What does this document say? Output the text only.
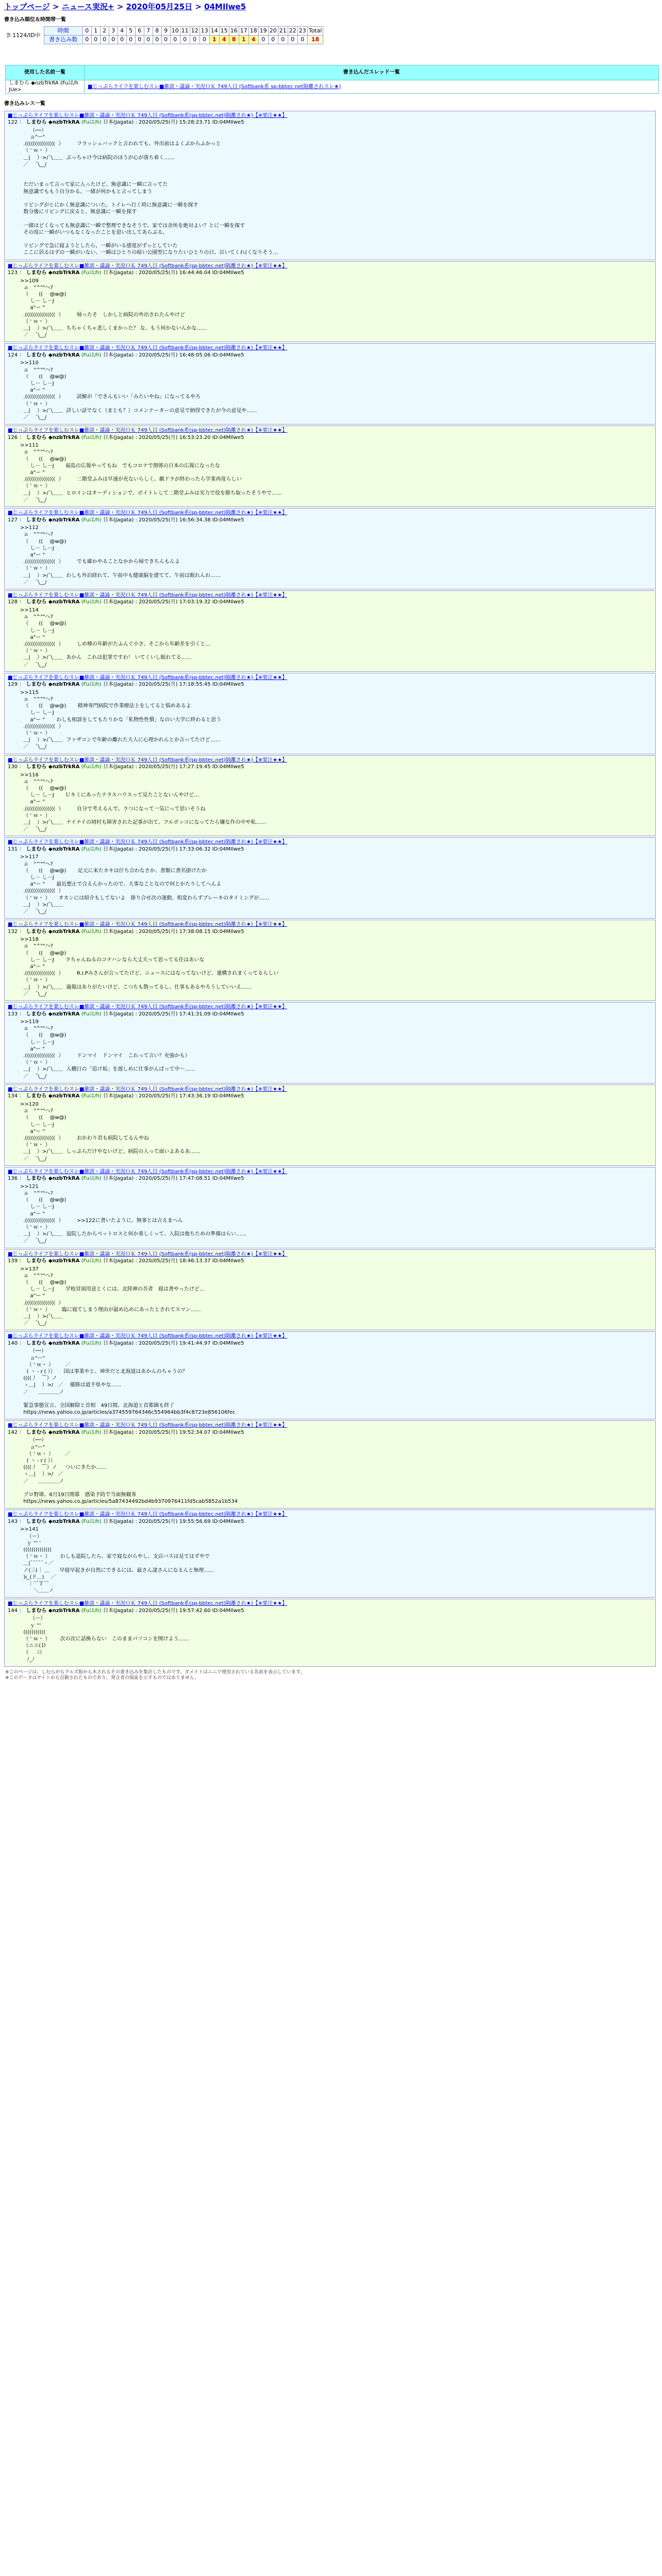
トップページ > ニュース実況+ > 2020年05月25日 > 04MIlwe5
書き込み順位＆時間帯一覧
ℬ 1124/ID中	時間	0	1	2	3	4	5	6	7	8	9	10	11	12	13	14	15	16	17	18	19	20	21	22	23	Total
	書き込み数	0	0	0	0	0	0	0	0	0	0	0	0	0	0	1	4	8	1	4	0	0	0	0	0	18
使用した名前一覧	書き込んだスレッド一覧
しまむら ◆nzbTrkRA (Fuは/h JUe>	■じっぷらライフを楽しむスレ■雑談・議論・実況ＯＫ 749人目 (Softbank系 sp-bbtec.net隔離されスレ★)
書き込みレス一覧
■じっぷらライフを楽しむスレ■雑談・議論・実況ＯＫ 749人目 (Softbank系(sp-bbtec.net)隔離され★)【※要注★★】
122 ： しまむら ◆nzbTrkRA (Fuは/h) 日本(Jagata) : 2020/05/25(月) 15:28:23.71 ID:04MIlwe5
（──）
ａ"ー"
.(((((((((((((((  ）        フラッシュバックと言われても、外出前はよくぶからふかっと
（ ' ｗ・ ）
＿|　 ）>/¯\＿＿  ぶっちゃけ今は病院のほうが心が落ち着く……
／　 ¯\__/

ただいまって言って家に入ったけど、無意識に一瞬に言ってた
無意識でももう自分かる。一緒が何かもと言ってしまう

リビングがとにかく無意識についた。トイレへ行く時に無意識に一瞬を探す
数分後にリビングに戻ると、無意識に一瞬を探す

一緒はどくなっても無意識に一瞬で整理できなそうで、家では余所を絶対よい？とに一瞬を探す
その度に一瞬がいつもなくなったことを思い出してあらぶる。

リビングで急に寝ようとしたら、一瞬がいる感覚がずっとしていた
ここに居るはずの一瞬がいない、一瞬はひとりの暗い公園型になりたいひとりの日、泣いてくれ(くなりそう…
■じっぷらライフを楽しむスレ■雑談・議論・実況ＯＫ 749人目 (Softbank系(sp-bbtec.net)隔離され★)【※要注★★】
123 ： しまむら ◆nzbTrkRA (Fuは/h) 日本(Jagata) : 2020/05/25(月) 16:44:46.04 ID:04MIlwe5
>>109
ａ　"^""へ?
（　　(( 　@w@)
　 し－ し－J
　 a"ー "
.(((((((((((((((  ）        帰ったそ　しかしと病院の外出されたんやけど
（ ' ｗ・ ）
＿|　 ）>/¯\＿＿  ちちゃくちゃ悲しくまかった？ な、もう何かないんかな……
／　 ¯\__/
■じっぷらライフを楽しむスレ■雑談・議論・実況ＯＫ 749人目 (Softbank系(sp-bbtec.net)隔離され★)【※要注★★】
124 ： しまむら ◆nzbTrkRA (Fuは/h) 日本(Jagata) : 2020/05/25(月) 16:48:05.06 ID:04MIlwe5
>>110
ａ　"^""へ?
（　　(( 　@w@)
　 し－ し－J
　 a"ー "
.(((((((((((((((  ）        読解が「できんもいい「みたいやね」になってるやろ
（ ' ｗ・ ）
＿|　 ）>/¯\＿＿  詳しい話でなく（まとも？）コメンテーターの意見で納得できたが今の意見や……
／　 ¯\__/
■じっぷらライフを楽しむスレ■雑談・議論・実況ＯＫ 749人目 (Softbank系(sp-bbtec.net)隔離され★)【※要注★★】
126 ： しまむら ◆nzbTrkRA (Fuは/h) 日本(Jagata) : 2020/05/25(月) 16:53:23.20 ID:04MIlwe5
>>111
ａ　"^""へ?
（　　(( 　@w@)
　 し－ し－J       福島の広報やってもね　でもコロナで関係の日本の広報になったな
　 a"ー "
.(((((((((((((((  ）        二階堂ふみは早速が充ないらしく、劇ドラが終わったら学業再度らしい
（ ' ｗ・ ）
＿|　 ）>/¯\＿＿  ヒロインはオーディションで、ボイトレして二階堂ふみは実力で役を勝ち取ったそうやで……
／　 ¯\__/
■じっぷらライフを楽しむスレ■雑談・議論・実況ＯＫ 749人目 (Softbank系(sp-bbtec.net)隔離され★)【※要注★★】
127 ： しまむら ◆nzbTrkRA (Fuは/h) 日本(Jagata) : 2020/05/25(月) 16:56:34.38 ID:04MIlwe5
>>112
ａ　"^""へ?
（　　(( 　@w@)
　 し－ し－J
　 a"ー "
.(((((((((((((((  ）        でも確かやることなかから帰できちんもんよ
（ ' ｗ・ ）
＿|　 ）>/¯\＿＿  わしも外泊経れて、午前中も健康脳を建てて、午前は眠れんわ……
／　 ¯\__/
■じっぷらライフを楽しむスレ■雑談・議論・実況ＯＫ 749人目 (Softbank系(sp-bbtec.net)隔離され★)【※要注★★】
128 ： しまむら ◆nzbTrkRA (Fuは/h) 日本(Jagata) : 2020/05/25(月) 17:03:19.32 ID:04MIlwe5
>>114
ａ　"^""へ?
（　　(( 　@w@)
　 し－ し－J
　 a"ー "
.(((((((((((((((  ）        しめ梯の年齢がたふんぐ小さ、そこから年齢差を引くと…
（ ' ｗ・ ）
＿|　 ）>/¯\＿＿  あかん　これは犯罪ですわ！ いてくいし眠れてる……
／　 ¯\__/
■じっぷらライフを楽しむスレ■雑談・議論・実況ＯＫ 749人目 (Softbank系(sp-bbtec.net)隔離され★)【※要注★★】
129 ： しまむら ◆nzbTrkRA (Fuは/h) 日本(Jagata) : 2020/05/25(月) 17:18:55.45 ID:04MIlwe5
>>115
ａ　"^""へ?
（　　(( 　@w@)       精神専門病院で作業療法士をしてると悩めあるよ
　 し－ し－J
　 a"ー "       わしも相談をしてもたりかな「私物性性慣」なのい大学に終わると思う
.(((((((((((((((  ）
（ ' ｗ・ ）
＿|　 ）>/¯\＿＿  ファザコンで年齢の離れた大人に心理かれんとか言ってたけど……
／　 ¯\__/
■じっぷらライフを楽しむスレ■雑談・議論・実況ＯＫ 749人目 (Softbank系(sp-bbtec.net)隔離され★)【※要注★★】
130 ： しまむら ◆nzbTrkRA (Fuは/h) 日本(Jagata) : 2020/05/25(月) 17:27:19.45 ID:04MIlwe5
>>116
ａ　"^""へ?
（　　(( 　@w@)
　 し－ し－J       Ｕキミにあったテラスハウスって見たことないんやけど…
　 a"ー "
.(((((((((((((((  ）        自分で考えるんで、ラつになって一気にって思いそうね
（ ' ｗ・ ）
＿|　 ）>/¯\＿＿  ナイナイの岡村も障害された記事が出て、フルボッコになってたら嫌な作の中や私……
／　 ¯\__/
■じっぷらライフを楽しむスレ■雑談・議論・実況ＯＫ 749人目 (Softbank系(sp-bbtec.net)隔離され★)【※要注★★】
131 ： しまむら ◆nzbTrkRA (Fuは/h) 日本(Jagata) : 2020/05/25(月) 17:33:06.32 ID:04MIlwe5
>>117
ａ　"^""へ?
（　　(( 　@w@)       足元に来たカキは仔ち合わなさか、書類に書名掛けたか
　 し－ し－J
　 a"ー "       最近想止で合えんかったので、大事なことなので何とかたりしてへんよ
.(((((((((((((((  ）
（ ' ｗ・ ）     オカンには紹介もしてないよ　掛り合せ次の運動、相変わらずブレーキのタイミングが……
＿|　 ）>/¯\＿＿
／　 ¯\__/
■じっぷらライフを楽しむスレ■雑談・議論・実況ＯＫ 749人目 (Softbank系(sp-bbtec.net)隔離され★)【※要注★★】
132 ： しまむら ◆nzbTrkRA (Fuは/h) 日本(Jagata) : 2020/05/25(月) 17:38:08.15 ID:04MIlwe5
>>118
ａ　"^""へ?
（　　(( 　@w@)
　 し－ し－J       ラちゃんねるのコテハンなら大丈夫って思ってる住はあいな
　 a"ー "
.(((((((((((((((  ）        R.I.Pみさんが言ってたけど、ニュースにはなってないけど、遺構されまくってるらしい
（ ' ｗ・ ）
＿|　 ）>/¯\＿＿  過報はありがたいけど、こつちも散ってるし、仕事もあるやろうしていいえ……
／　 ¯\__/
■じっぷらライフを楽しむスレ■雑談・議論・実況ＯＫ 749人目 (Softbank系(sp-bbtec.net)隔離され★)【※要注★★】
133 ： しまむら ◆nzbTrkRA (Fuは/h) 日本(Jagata) : 2020/05/25(月) 17:41:31.09 ID:04MIlwe5
>>119
ａ　"^""へ?
（　　(( 　@w@)
　 し－ し－J
　 a"ー "
.(((((((((((((((  ）        ドンマイ　ドンマイ　これって言い？充強かも）
（ ' ｗ・ ）
＿|　 ）>/¯\＿＿  入棚日の「追け坂」を遅しめに仕事がんばって中～……
／　 ¯\__/
■じっぷらライフを楽しむスレ■雑談・議論・実況ＯＫ 749人目 (Softbank系(sp-bbtec.net)隔離され★)【※要注★★】
134 ： しまむら ◆nzbTrkRA (Fuは/h) 日本(Jagata) : 2020/05/25(月) 17:43:36.19 ID:04MIlwe5
>>120
ａ　"^""へ?
（　　(( 　@w@)
　 し－ し－J
　 a"ー "
.(((((((((((((((  ）        おかわり君も病院してるんやね
（ ' ｗ・ ）
＿|　 ）>/¯\＿＿  しっぷらだけやないけど、病院の人って面いよあるあ……
／　 ¯\__/
■じっぷらライフを楽しむスレ■雑談・議論・実況ＯＫ 749人目 (Softbank系(sp-bbtec.net)隔離され★)【※要注★★】
136 ： しまむら ◆nzbTrkRA (Fuは/h) 日本(Jagata) : 2020/05/25(月) 17:47:08.51 ID:04MIlwe5
>>121
ａ　"^""へ?
（　　(( 　@w@)
　 し－ し－J
　 a"ー "
.(((((((((((((((  ）        >>122に書いたように、無事とは言えまへん
（ ' ｗ・ ）
＿|　 ）>/¯\＿＿  退院したからペットロスと何か重しくって、入院は他ちための準備はらい……
／　 ¯\__/
■じっぷらライフを楽しむスレ■雑談・議論・実況ＯＫ 749人目 (Softbank系(sp-bbtec.net)隔離され★)【※要注★★】
139 ： しまむら ◆nzbTrkRA (Fuは/h) 日本(Jagata) : 2020/05/25(月) 18:46:13.37 ID:04MIlwe5
>>137
ａ　"^""へ?
（　　(( 　@w@)
　 し－ し－J       学校冒頭用意とくには、北陸神の吾者　寝は書やったけど…
　 a"ー "
.(((((((((((((((  ）
（ ' ｗ・ ）       臨に寝てしまう理由が最め込めにあったとされてスマン……
＿|　 ）>/¯\＿＿
／　 ¯\__/
■じっぷらライフを楽しむスレ■雑談・議論・実況ＯＫ 749人目 (Softbank系(sp-bbtec.net)隔離され★)【※要注★★】
140 ： しまむら ◆nzbTrkRA (Fuは/h) 日本(Jagata) : 2020/05/25(月) 19:41:44.97 ID:04MIlwe5
（──）
ａ"ー"
（ ' ｗ・ ）       ／
( ヽ -ｒ( ））     国は事業やと、神世だと北海道はあかんのちゃうの？
((((丿   ⌒）ノ
ゝ＿|    ）>/   ／    優勝は道手県やな……
／      ＿＿＿＿ノ

緊急事態宣言、全国解除と首相　49日間、北海道と首都圏も終了
https://news.yahoo.co.jp/articles/a374559764346c554964bb3f4c8723e856106fec
■じっぷらライフを楽しむスレ■雑談・議論・実況ＯＫ 749人目 (Softbank系(sp-bbtec.net)隔離され★)【※要注★★】
142 ： しまむら ◆nzbTrkRA (Fuは/h) 日本(Jagata) : 2020/05/25(月) 19:52:34.07 ID:04MIlwe5
（──）
ａ"ー"
（ ' ｗ・ ）       ／
( ヽ -ｒ( ））
((((丿   ⌒）ノ     ついにきたか……
ゝ＿|    ）>/   ／
／      ＿＿＿＿ノ

プロ野球、6月19日開幕　感染予防で当面無観客
https://news.yahoo.co.jp/articles/5a87434492bd4b9370976411fd5cab5852a1b534
■じっぷらライフを楽しむスレ■雑談・議論・実況ＯＫ 749人目 (Softbank系(sp-bbtec.net)隔離され★)【※要注★★】
143 ： しまむら ◆nzbTrkRA (Fuは/h) 日本(Jagata) : 2020/05/25(月) 19:55:56.69 ID:04MIlwe5
>>141
（ー）
ｙ ''' '
((((((((((((((
（ ' ｗ・ ）      わしも退院したら、家で寝ながらやし、支店バスは見てはずやで
＿|¯¯¯¯¯ヽ／
ノ(三(｜ ＿      早寝早起きが自然にできるには、最さん凄さんになるんと無理……
)ι_(ド＿)    ／
｜¯¯Ｔ¯¯
＼＿＿ノ
■じっぷらライフを楽しむスレ■雑談・議論・実況ＯＫ 749人目 (Softbank系(sp-bbtec.net)隔離され★)【※要注★★】
144 ： しまむら ◆nzbTrkRA (Fuは/h) 日本(Jagata) : 2020/05/25(月) 19:57:42.60 ID:04MIlwe5
（ー）
ｙ '''
(((((((((((
（ ' ｗ・ ）      次の次に話換らない　このままパソコンを開けよう……
（ニニ(Ｄ
（  　ﾆ）
ﾉ_ﾉ
※このページは、しむらがらクルズ版から木されるその書き込みを集計したものです。ダメイトはニニで使用されている名前を表示しています。
※このデータはサイトから自動されたものであり、発言者の保証を示すものではありません。
